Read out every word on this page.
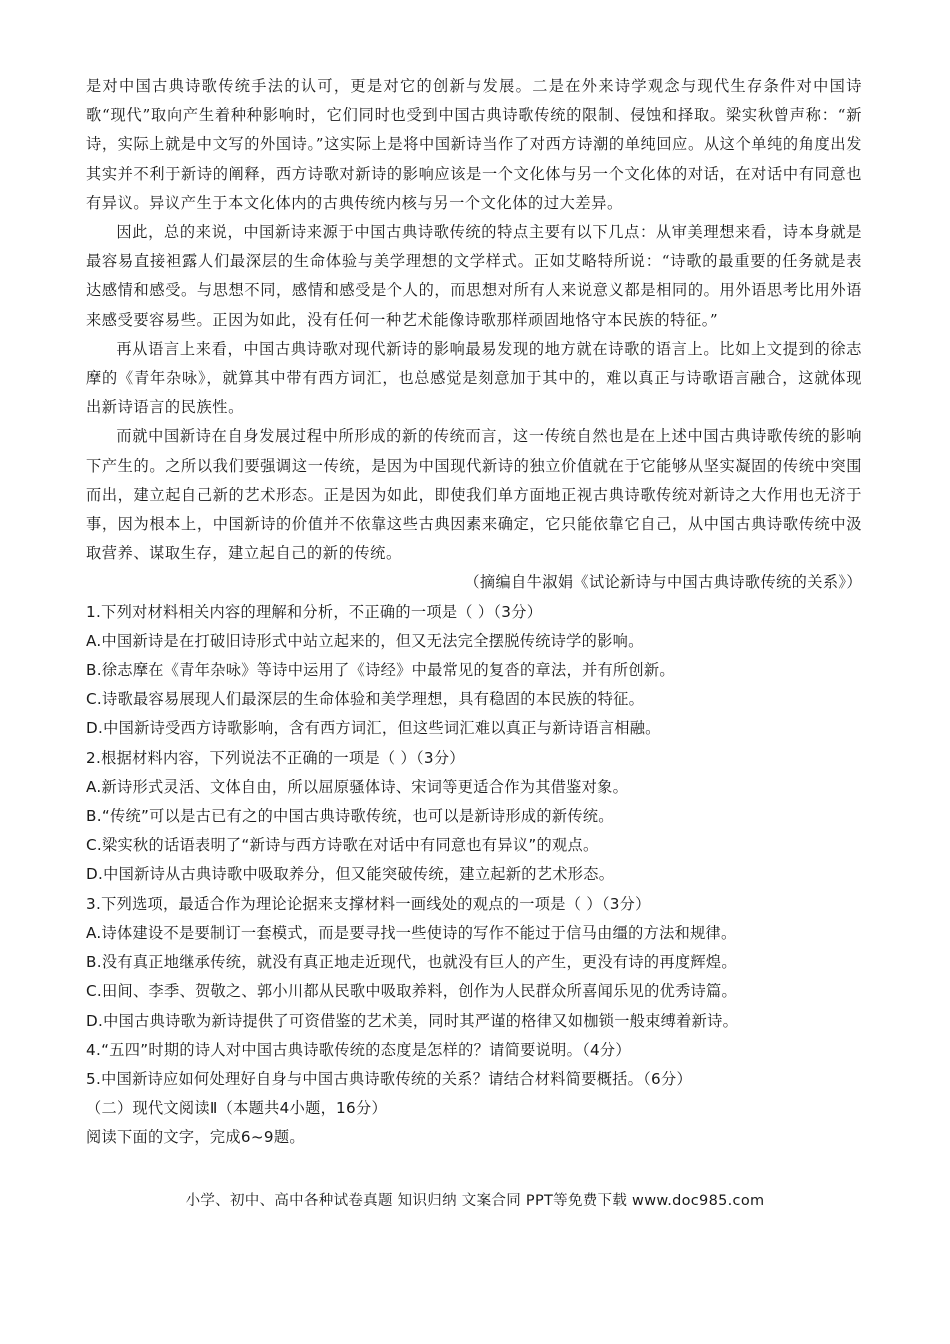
是对中国古典诗歌传统手法的认可，更是对它的创新与发展。二是在外来诗学观念与现代生存条件对中国诗歌“现代”取向产生着种种影响时，它们同时也受到中国古典诗歌传统的限制、侵蚀和择取。梁实秋曾声称：“新诗，实际上就是中文写的外国诗。”这实际上是将中国新诗当作了对西方诗潮的单纯回应。从这个单纯的角度出发其实并不利于新诗的阐释，西方诗歌对新诗的影响应该是一个文化体与另一个文化体的对话，在对话中有同意也有异议。异议产生于本文化体内的古典传统内核与另一个文化体的过大差异。

因此，总的来说，中国新诗来源于中国古典诗歌传统的特点主要有以下几点：从审美理想来看，诗本身就是最容易直接袒露人们最深层的生命体验与美学理想的文学样式。正如艾略特所说：“诗歌的最重要的任务就是表达感情和感受。与思想不同，感情和感受是个人的，而思想对所有人来说意义都是相同的。用外语思考比用外语来感受要容易些。正因为如此，没有任何一种艺术能像诗歌那样顽固地恪守本民族的特征。”

再从语言上来看，中国古典诗歌对现代新诗的影响最易发现的地方就在诗歌的语言上。比如上文提到的徐志摩的《青年杂咏》，就算其中带有西方词汇，也总感觉是刻意加于其中的，难以真正与诗歌语言融合，这就体现出新诗语言的民族性。

而就中国新诗在自身发展过程中所形成的新的传统而言，这一传统自然也是在上述中国古典诗歌传统的影响下产生的。之所以我们要强调这一传统，是因为中国现代新诗的独立价值就在于它能够从坚实凝固的传统中突围而出，建立起自己新的艺术形态。正是因为如此，即使我们单方面地正视古典诗歌传统对新诗之大作用也无济于事，因为根本上，中国新诗的价值并不依靠这些古典因素来确定，它只能依靠它自己，从中国古典诗歌传统中汲取营养、谋取生存，建立起自己的新的传统。

（摘编自牛淑娟《试论新诗与中国古典诗歌传统的关系》）

1.下列对材料相关内容的理解和分析，不正确的一项是（ ）（3分）

A.中国新诗是在打破旧诗形式中站立起来的，但又无法完全摆脱传统诗学的影响。

B.徐志摩在《青年杂咏》等诗中运用了《诗经》中最常见的复沓的章法，并有所创新。

C.诗歌最容易展现人们最深层的生命体验和美学理想，具有稳固的本民族的特征。

D.中国新诗受西方诗歌影响，含有西方词汇，但这些词汇难以真正与新诗语言相融。

2.根据材料内容，下列说法不正确的一项是（ ）（3分）

A.新诗形式灵活、文体自由，所以屈原骚体诗、宋词等更适合作为其借鉴对象。

B.“传统”可以是古已有之的中国古典诗歌传统，也可以是新诗形成的新传统。

C.梁实秋的话语表明了“新诗与西方诗歌在对话中有同意也有异议”的观点。

D.中国新诗从古典诗歌中吸取养分，但又能突破传统，建立起新的艺术形态。

3.下列选项，最适合作为理论论据来支撑材料一画线处的观点的一项是（ ）（3分）

A.诗体建设不是要制订一套模式，而是要寻找一些使诗的写作不能过于信马由缰的方法和规律。

B.没有真正地继承传统，就没有真正地走近现代，也就没有巨人的产生，更没有诗的再度辉煌。

C.田间、李季、贺敬之、郭小川都从民歌中吸取养料，创作为人民群众所喜闻乐见的优秀诗篇。

D.中国古典诗歌为新诗提供了可资借鉴的艺术美，同时其严谨的格律又如枷锁一般束缚着新诗。

4.“五四”时期的诗人对中国古典诗歌传统的态度是怎样的？请简要说明。（4分）

5.中国新诗应如何处理好自身与中国古典诗歌传统的关系？请结合材料简要概括。（6分）

（二）现代文阅读Ⅱ（本题共4小题，16分）

阅读下面的文字，完成6~9题。

小学、初中、高中各种试卷真题 知识归纳 文案合同 PPT等免费下载 www.doc985.com
